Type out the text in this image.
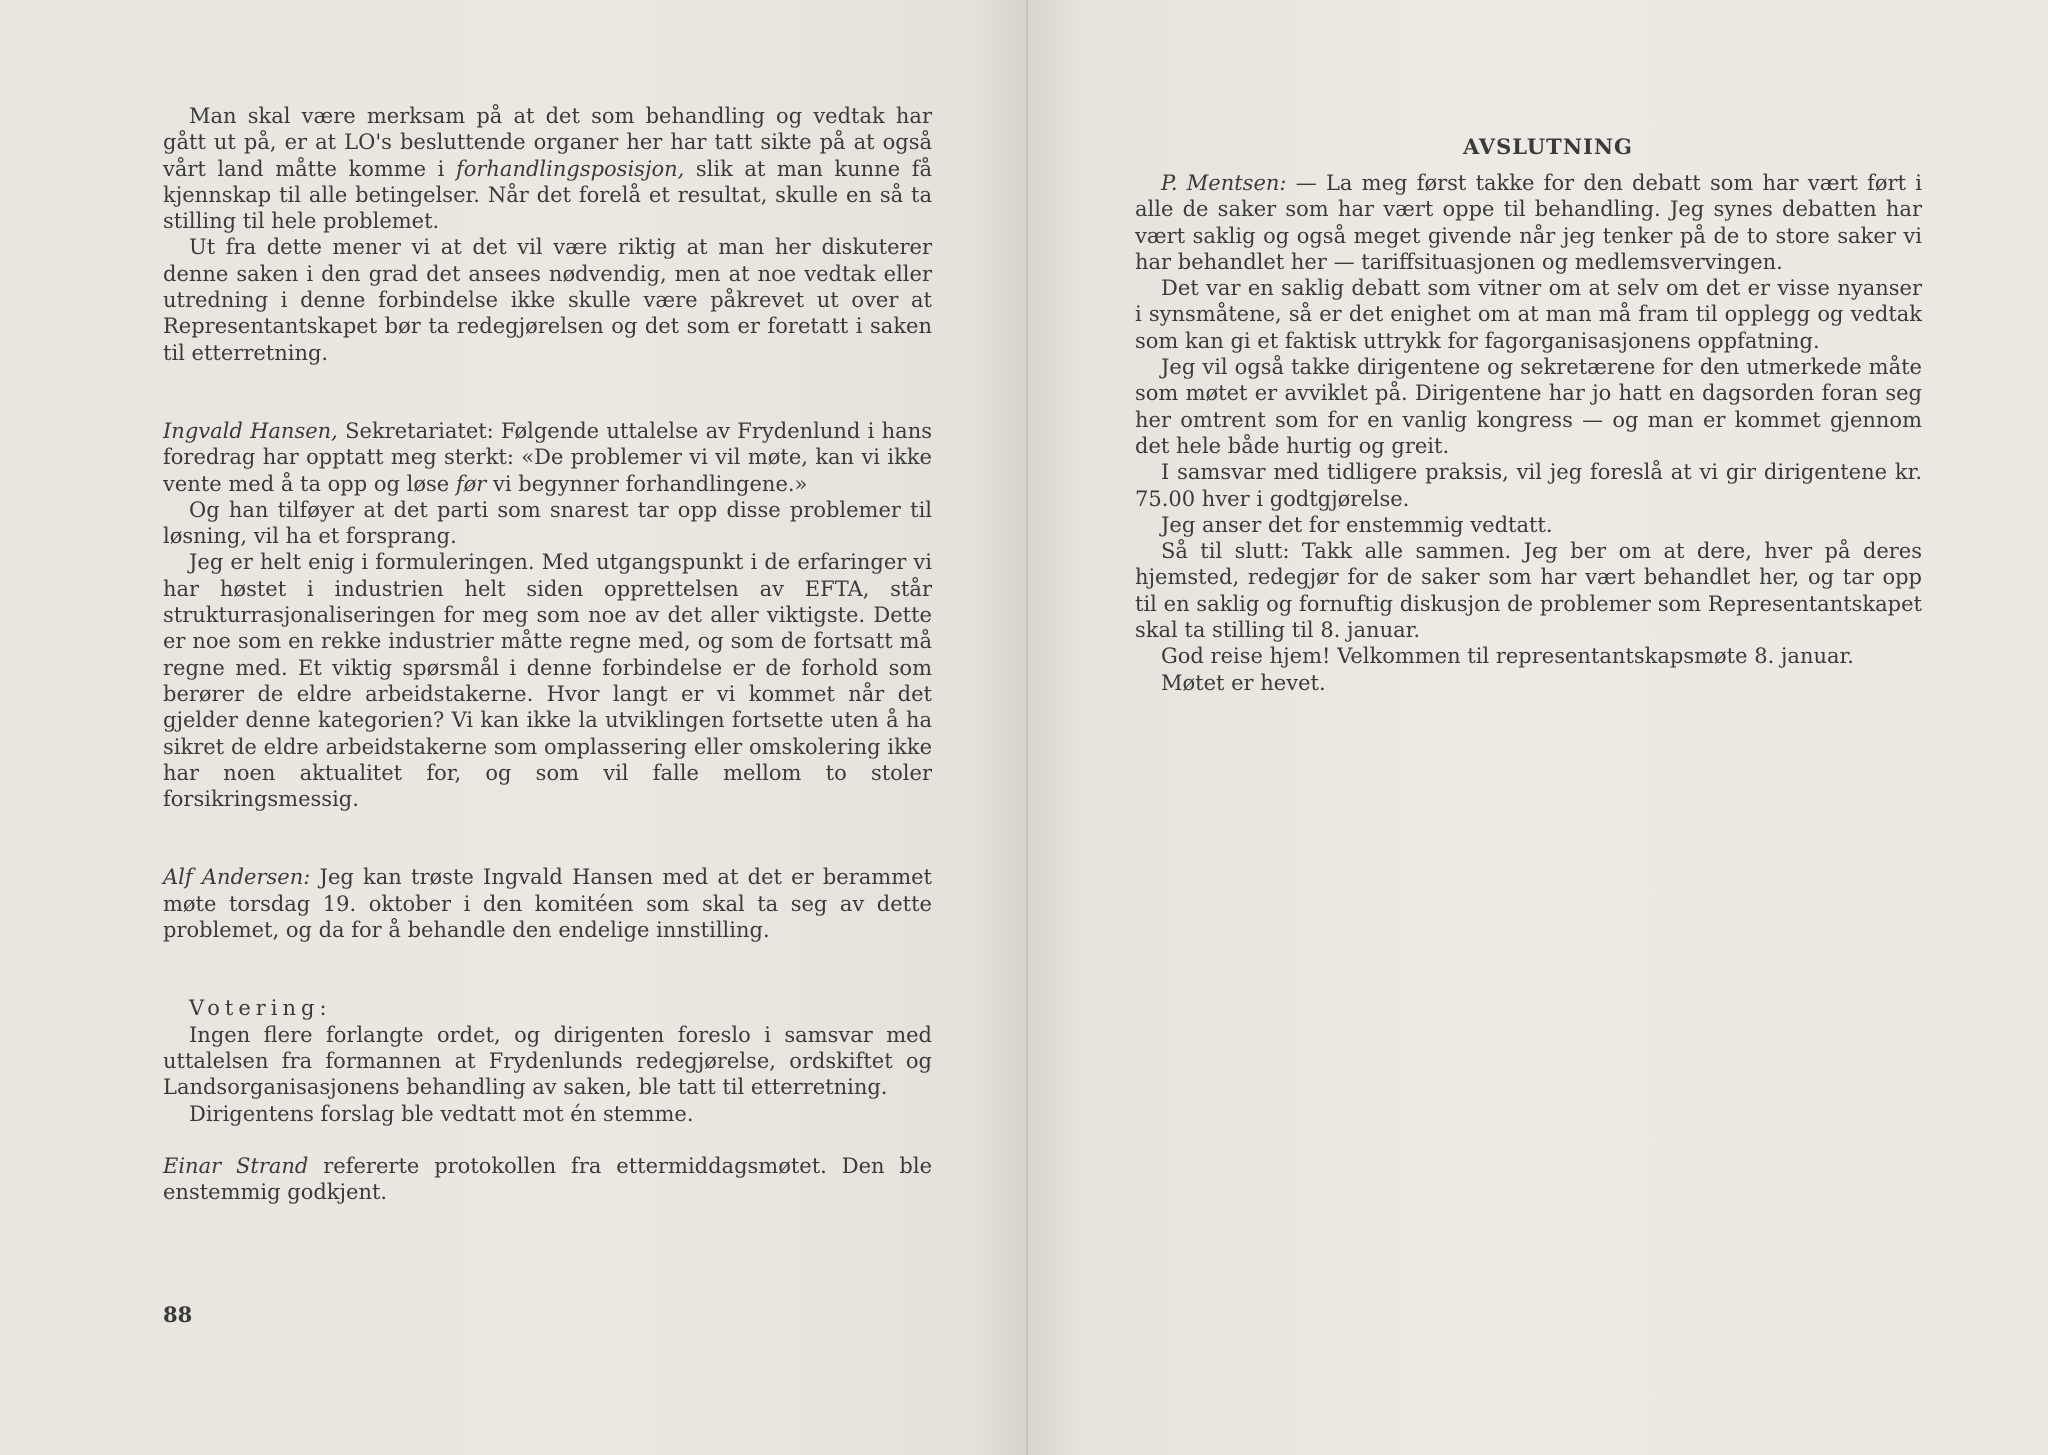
Man skal være merksam på at det som behandling og vedtak har gått ut på, er at LO's besluttende organer her har tatt sikte på at også vårt land måtte komme i forhandlingsposisjon, slik at man kunne få kjennskap til alle betingelser. Når det forelå et resultat, skulle en så ta stilling til hele problemet.

Ut fra dette mener vi at det vil være riktig at man her diskuterer denne saken i den grad det ansees nødvendig, men at noe vedtak eller utredning i denne forbindelse ikke skulle være påkrevet ut over at Representantskapet bør ta redegjørelsen og det som er foretatt i saken til etterretning.

Ingvald Hansen, Sekretariatet: Følgende uttalelse av Frydenlund i hans foredrag har opptatt meg sterkt: «De problemer vi vil møte, kan vi ikke vente med å ta opp og løse før vi begynner forhandlingene.»

Og han tilføyer at det parti som snarest tar opp disse problemer til løsning, vil ha et forsprang.

Jeg er helt enig i formuleringen. Med utgangspunkt i de erfaringer vi har høstet i industrien helt siden opprettelsen av EFTA, står strukturrasjonaliseringen for meg som noe av det aller viktigste. Dette er noe som en rekke industrier måtte regne med, og som de fortsatt må regne med. Et viktig spørsmål i denne forbindelse er de forhold som berører de eldre arbeidstakerne. Hvor langt er vi kommet når det gjelder denne kategorien? Vi kan ikke la utviklingen fortsette uten å ha sikret de eldre arbeidstakerne som omplassering eller omskolering ikke har noen aktualitet for, og som vil falle mellom to stoler forsikringsmessig.

Alf Andersen: Jeg kan trøste Ingvald Hansen med at det er berammet møte torsdag 19. oktober i den komitéen som skal ta seg av dette problemet, og da for å behandle den endelige innstilling.

Votering:

Ingen flere forlangte ordet, og dirigenten foreslo i samsvar med uttalelsen fra formannen at Frydenlunds redegjørelse, ordskiftet og Landsorganisasjonens behandling av saken, ble tatt til etterretning.

Dirigentens forslag ble vedtatt mot én stemme.

Einar Strand refererte protokollen fra ettermiddagsmøtet. Den ble enstemmig godkjent.

88
AVSLUTNING

P. Mentsen: — La meg først takke for den debatt som har vært ført i alle de saker som har vært oppe til behandling. Jeg synes debatten har vært saklig og også meget givende når jeg tenker på de to store saker vi har behandlet her — tariffsituasjonen og medlemsvervingen.

Det var en saklig debatt som vitner om at selv om det er visse nyanser i synsmåtene, så er det enighet om at man må fram til opplegg og vedtak som kan gi et faktisk uttrykk for fagorganisasjonens oppfatning.

Jeg vil også takke dirigentene og sekretærene for den utmerkede måte som møtet er avviklet på. Dirigentene har jo hatt en dagsorden foran seg her omtrent som for en vanlig kongress — og man er kommet gjennom det hele både hurtig og greit.

I samsvar med tidligere praksis, vil jeg foreslå at vi gir dirigentene kr. 75.00 hver i godtgjørelse.

Jeg anser det for enstemmig vedtatt.

Så til slutt: Takk alle sammen. Jeg ber om at dere, hver på deres hjemsted, redegjør for de saker som har vært behandlet her, og tar opp til en saklig og fornuftig diskusjon de problemer som Representantskapet skal ta stilling til 8. januar.

God reise hjem! Velkommen til representantskapsmøte 8. januar.

Møtet er hevet.
